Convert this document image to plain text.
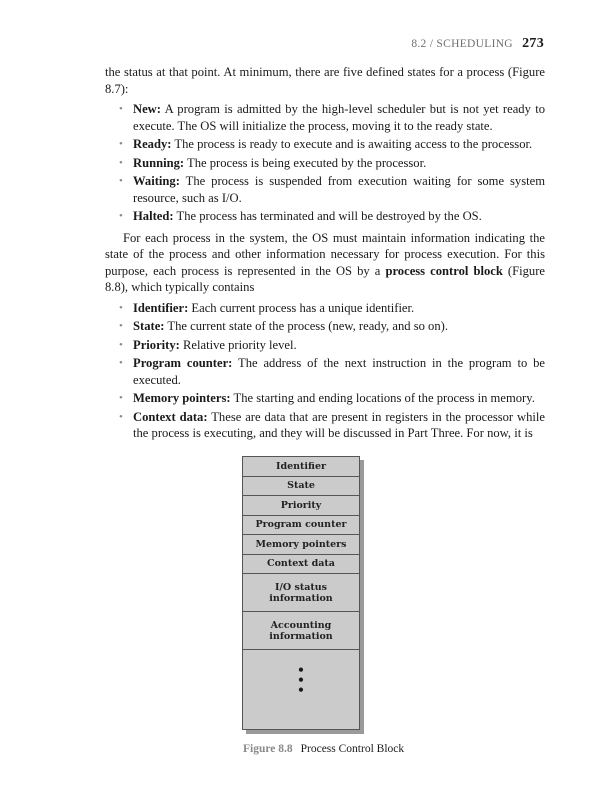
8.2 / SCHEDULING 273

the status at that point. At minimum, there are five defined states for a process (Figure 8.7):

• New: A program is admitted by the high-level scheduler but is not yet ready to execute. The OS will initialize the process, moving it to the ready state.
• Ready: The process is ready to execute and is awaiting access to the processor.
• Running: The process is being executed by the processor.
• Waiting: The process is suspended from execution waiting for some system resource, such as I/O.
• Halted: The process has terminated and will be destroyed by the OS.

For each process in the system, the OS must maintain information indicating the state of the process and other information necessary for process execution. For this purpose, each process is represented in the OS by a process control block (Figure 8.8), which typically contains

• Identifier: Each current process has a unique identifier.
• State: The current state of the process (new, ready, and so on).
• Priority: Relative priority level.
• Program counter: The address of the next instruction in the program to be executed.
• Memory pointers: The starting and ending locations of the process in memory.
• Context data: These are data that are present in registers in the processor while the process is executing, and they will be discussed in Part Three. For now, it is
Identifier
State
Priority
Program counter
Memory pointers
Context data
I/O status information
Accounting information
•
•
•
Figure 8.8 Process Control Block
